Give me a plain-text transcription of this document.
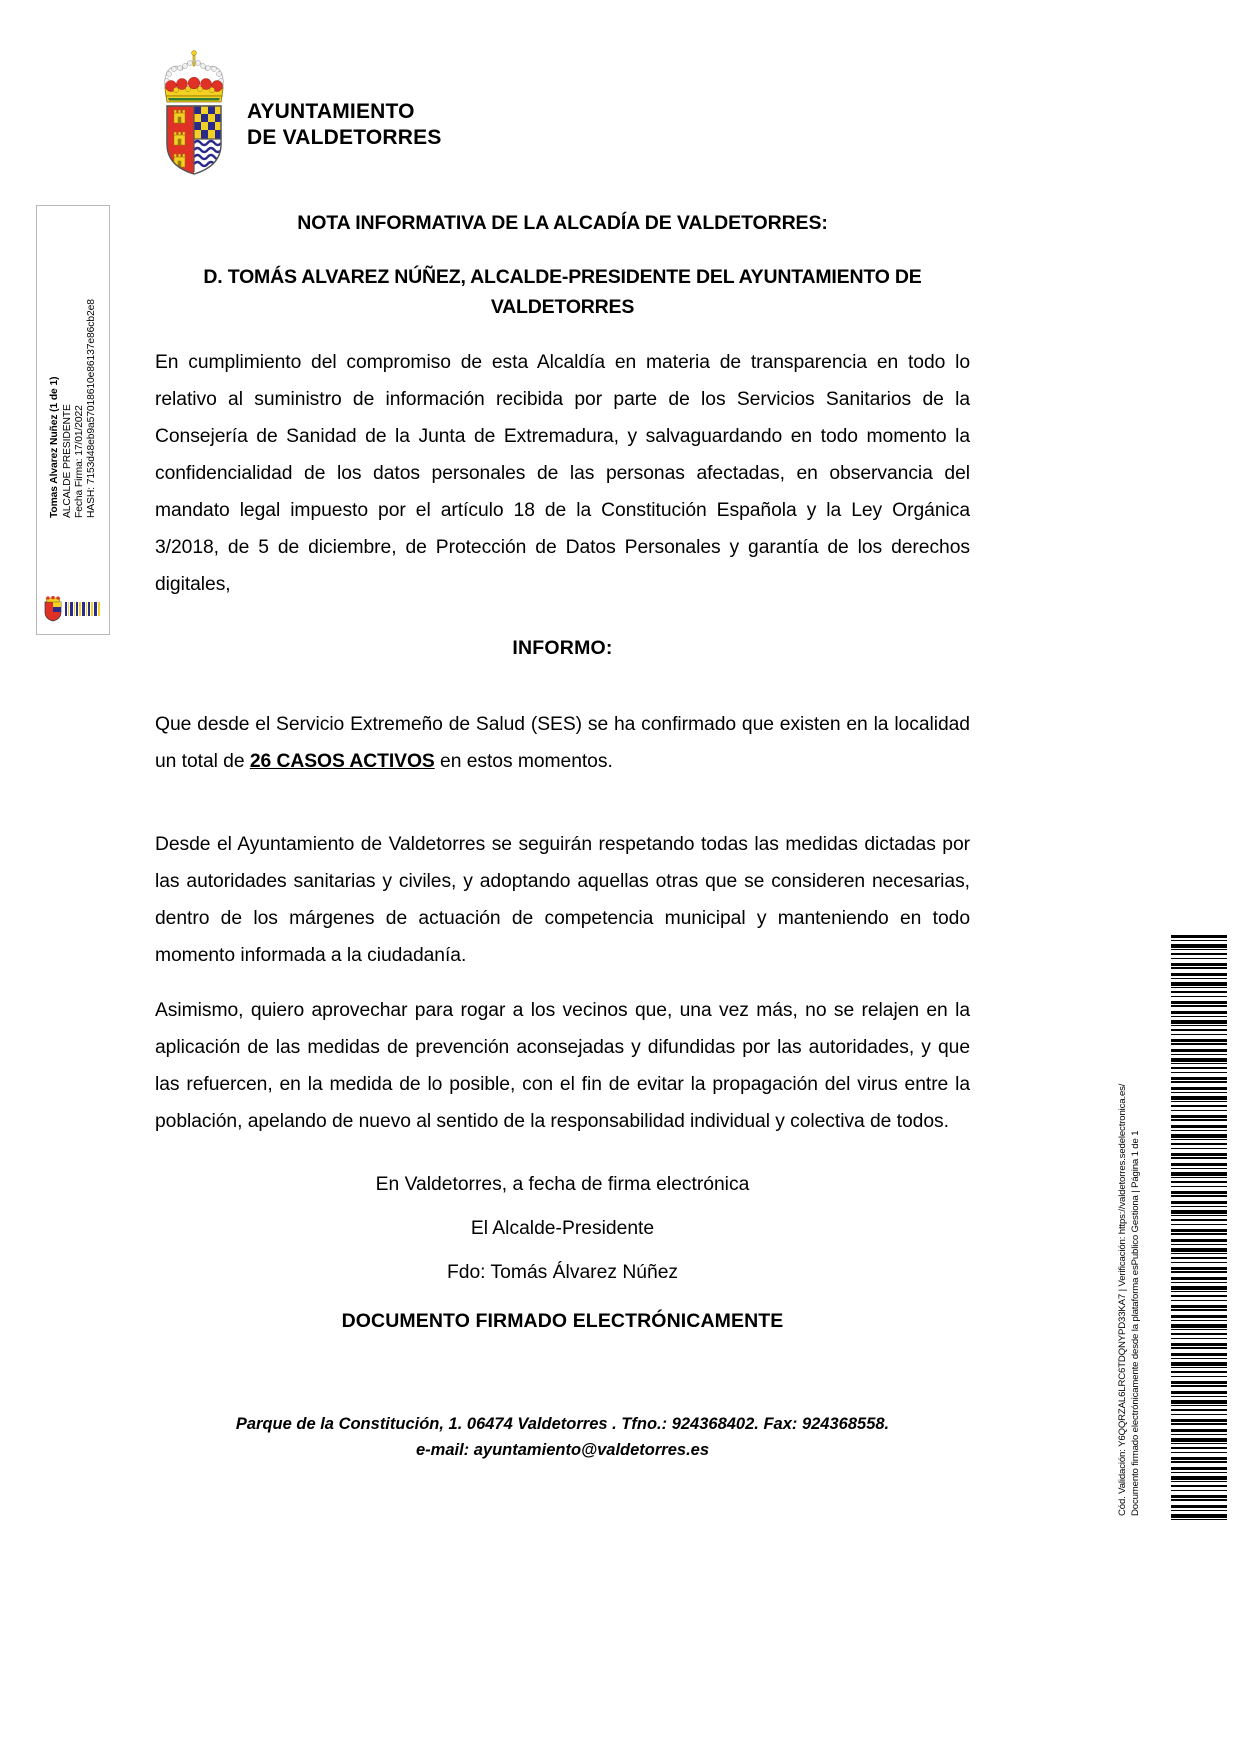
Tomas Alvarez Nuñez (1 de 1) ALCALDE PRESIDENTE Fecha Firma: 17/01/2022 HASH: 7153d48eb9a57018610e86137e86cb2e8
Cód. Validación: Y6QQRZAL6LRC6TDQNYPD33KA7 | Verificación: https://valdetorres.sedelectronica.es/ Documento firmado electrónicamente desde la plataforma esPublico Gestiona | Página 1 de 1
AYUNTAMIENTO
DE VALDETORRES
NOTA INFORMATIVA DE LA ALCADÍA DE VALDETORRES:
D. TOMÁS ALVAREZ NÚÑEZ, ALCALDE-PRESIDENTE DEL AYUNTAMIENTO DE VALDETORRES

En cumplimiento del compromiso de esta Alcaldía en materia de transparencia en todo lo relativo al suministro de información recibida por parte de los Servicios Sanitarios de la Consejería de Sanidad de la Junta de Extremadura, y salvaguardando en todo momento la confidencialidad de los datos personales de las personas afectadas, en observancia del mandato legal impuesto por el artículo 18 de la Constitución Española y la Ley Orgánica 3/2018, de 5 de diciembre, de Protección de Datos Personales y garantía de los derechos digitales,

INFORMO:

Que desde el Servicio Extremeño de Salud (SES) se ha confirmado que existen en la localidad un total de 26 CASOS ACTIVOS en estos momentos.

Desde el Ayuntamiento de Valdetorres se seguirán respetando todas las medidas dictadas por las autoridades sanitarias y civiles, y adoptando aquellas otras que se consideren necesarias, dentro de los márgenes de actuación de competencia municipal y manteniendo en todo momento informada a la ciudadanía.

Asimismo, quiero aprovechar para rogar a los vecinos que, una vez más, no se relajen en la aplicación de las medidas de prevención aconsejadas y difundidas por las autoridades, y que las refuercen, en la medida de lo posible, con el fin de evitar la propagación del virus entre la población, apelando de nuevo al sentido de la responsabilidad individual y colectiva de todos.

En Valdetorres, a fecha de firma electrónica

El Alcalde-Presidente

Fdo: Tomás Álvarez Núñez

DOCUMENTO FIRMADO ELECTRÓNICAMENTE

Parque de la Constitución, 1. 06474 Valdetorres . Tfno.: 924368402. Fax: 924368558.
e-mail: ayuntamiento@valdetorres.es
